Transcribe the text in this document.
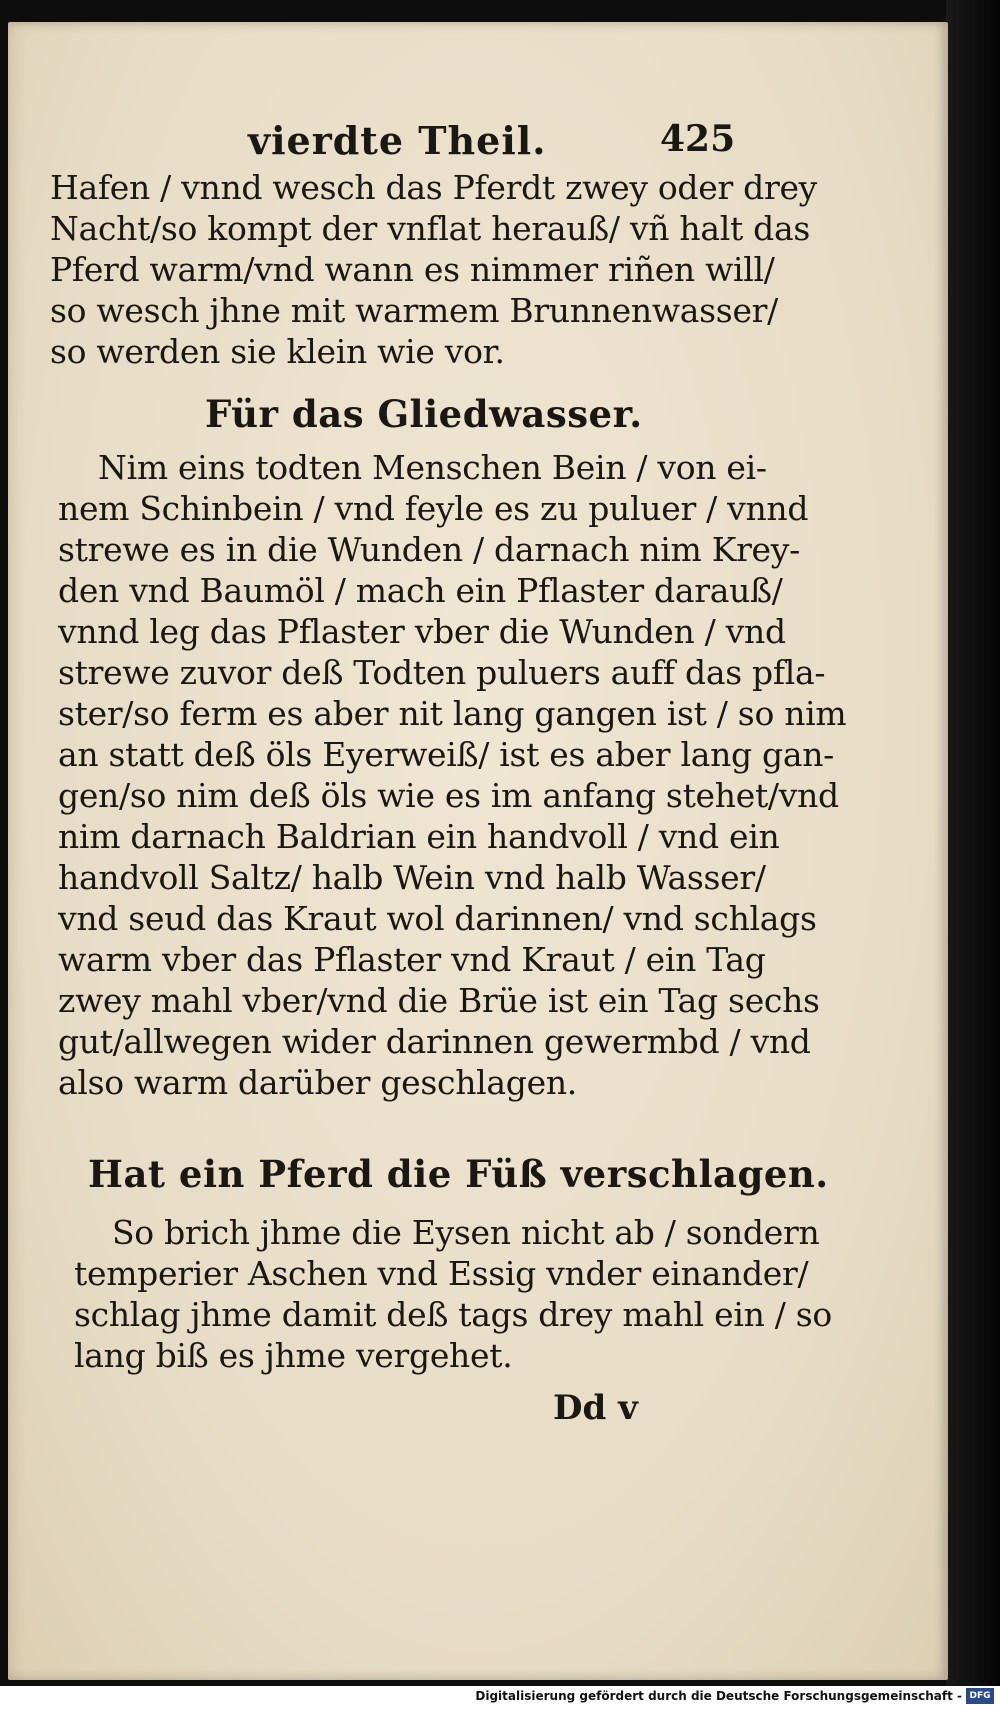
vierdte Theil.	425
Hafen / vnnd wesch das Pferdt zwey oder drey
Nacht/so kompt der vnflat herauß/ vñ halt das
Pferd warm/vnd wann es nimmer riñen will/
so wesch jhne mit warmem Brunnenwasser/
so werden sie klein wie vor.
Für das Gliedwasser.
Nim eins todten Menschen Bein / von ei-
nem Schinbein / vnd feyle es zu puluer / vnnd
strewe es in die Wunden / darnach nim Krey-
den vnd Baumöl / mach ein Pflaster darauß/
vnnd leg das Pflaster vber die Wunden / vnd
strewe zuvor deß Todten puluers auff das pfla-
ster/so ferm es aber nit lang gangen ist / so nim
an statt deß öls Eyerweiß/ ist es aber lang gan-
gen/so nim deß öls wie es im anfang stehet/vnd
nim darnach Baldrian ein handvoll / vnd ein
handvoll Saltz/ halb Wein vnd halb Wasser/
vnd seud das Kraut wol darinnen/ vnd schlags
warm vber das Pflaster vnd Kraut / ein Tag
zwey mahl vber/vnd die Brüe ist ein Tag sechs
gut/allwegen wider darinnen gewermbd / vnd
also warm darüber geschlagen.
Hat ein Pferd die Füß verschlagen.
So brich jhme die Eysen nicht ab / sondern
temperier Aschen vnd Essig vnder einander/
schlag jhme damit deß tags drey mahl ein / so
lang biß es jhme vergehet.
Dd v
Digitalisierung gefördert durch die Deutsche Forschungsgemeinschaft - DFG
